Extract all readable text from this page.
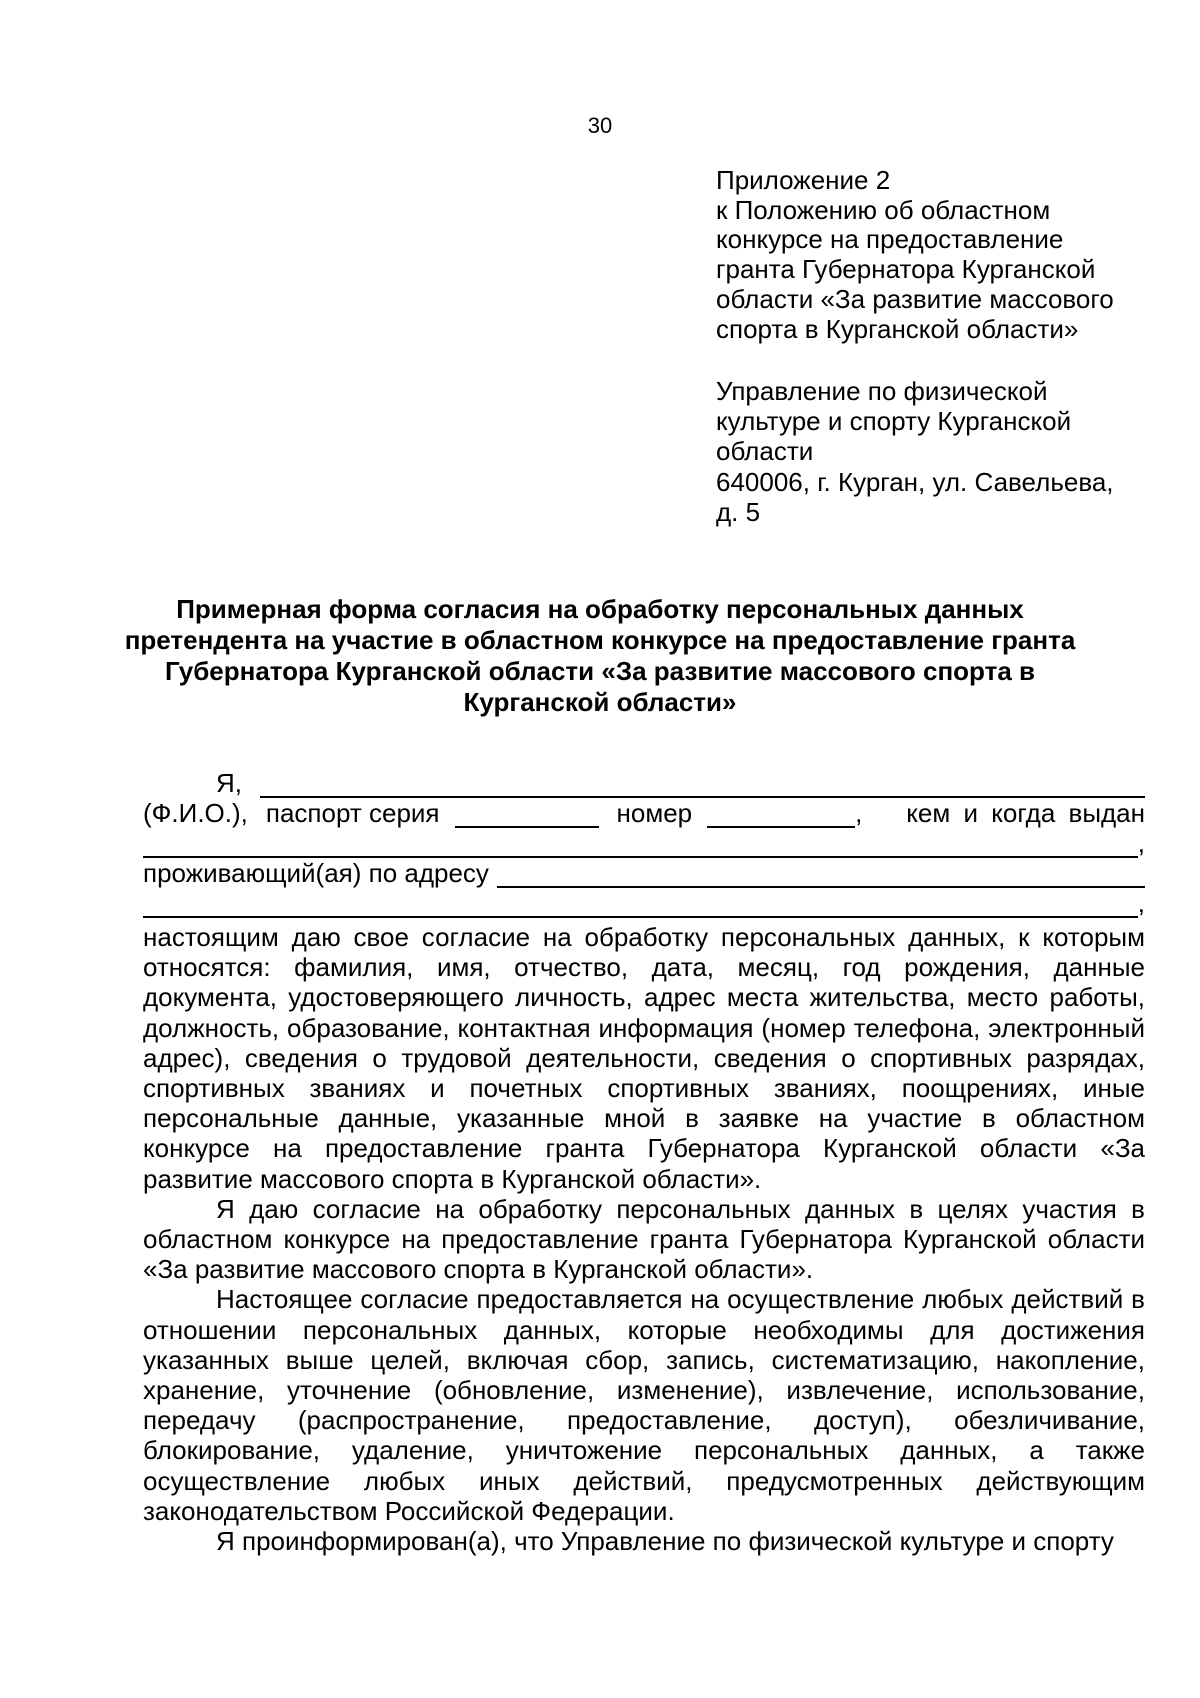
30
Приложение 2
к Положению об областном
конкурсе на предоставление
гранта Губернатора Курганской
области «За развитие массового
спорта в Курганской области»
Управление по физической
культуре и спорту Курганской
области
640006, г. Курган, ул. Савельева,
д. 5
Примерная форма согласия на обработку персональных данных претендента на участие в областном конкурсе на предоставление гранта Губернатора Курганской области «За развитие массового спорта в Курганской области»
Я,
(Ф.И.О.), паспорт серия	номер	, кем и когда выдан
,
проживающий(ая) по адресу
,

настоящим даю свое согласие на обработку персональных данных, к которым относятся: фамилия, имя, отчество, дата, месяц, год рождения, данные документа, удостоверяющего личность, адрес места жительства, место работы, должность, образование, контактная информация (номер телефона, электронный адрес), сведения о трудовой деятельности, сведения о спортивных разрядах, спортивных званиях и почетных спортивных званиях, поощрениях, иные персональные данные, указанные мной в заявке на участие в областном конкурсе на предоставление гранта Губернатора Курганской области «За развитие массового спорта в Курганской области».

Я даю согласие на обработку персональных данных в целях участия в областном конкурсе на предоставление гранта Губернатора Курганской области «За развитие массового спорта в Курганской области».

Настоящее согласие предоставляется на осуществление любых действий в отношении персональных данных, которые необходимы для достижения указанных выше целей, включая сбор, запись, систематизацию, накопление, хранение, уточнение (обновление, изменение), извлечение, использование, передачу (распространение, предоставление, доступ), обезличивание, блокирование, удаление, уничтожение персональных данных, а также осуществление любых иных действий, предусмотренных действующим законодательством Российской Федерации.

Я проинформирован(а), что Управление по физической культуре и спорту
